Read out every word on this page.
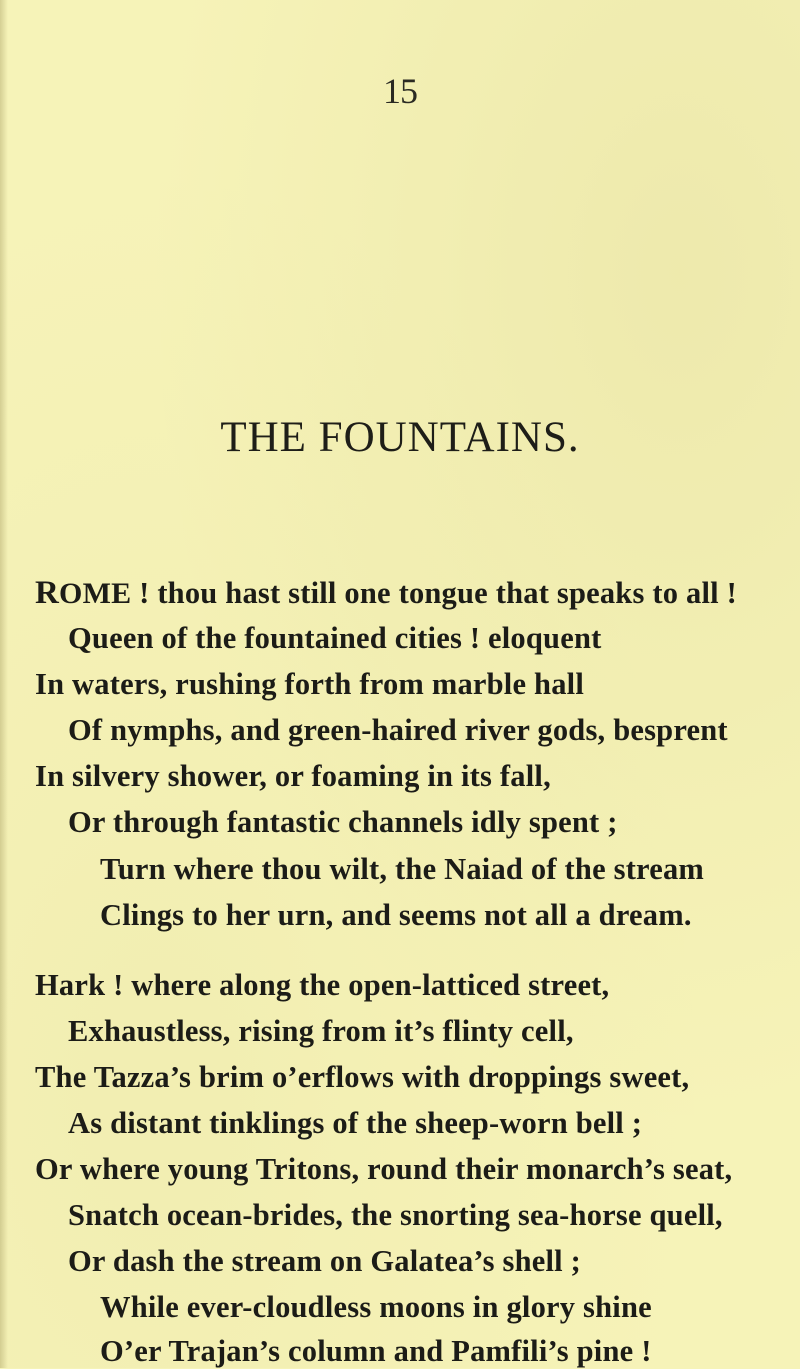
15
THE FOUNTAINS.
ROME ! thou hast still one tongue that speaks to all !
Queen of the fountained cities ! eloquent
In waters, rushing forth from marble hall
Of nymphs, and green-haired river gods, besprent
In silvery shower, or foaming in its fall,
Or through fantastic channels idly spent ;
Turn where thou wilt, the Naiad of the stream
Clings to her urn, and seems not all a dream.
Hark ! where along the open-latticed street,
Exhaustless, rising from it’s flinty cell,
The Tazza’s brim o’erflows with droppings sweet,
As distant tinklings of the sheep-worn bell ;
Or where young Tritons, round their monarch’s seat,
Snatch ocean-brides, the snorting sea-horse quell,
Or dash the stream on Galatea’s shell ;
While ever-cloudless moons in glory shine
O’er Trajan’s column and Pamfili’s pine !
